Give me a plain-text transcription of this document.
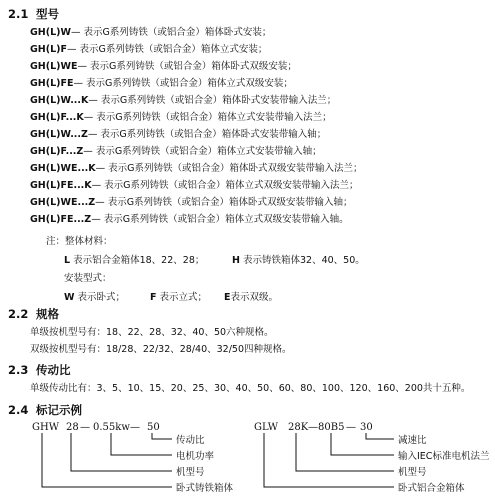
2.1 型号
GH(L)W— 表示G系列铸铁（或铝合金）箱体卧式安装；
GH(L)F— 表示G系列铸铁（或铝合金）箱体立式安装；
GH(L)WE— 表示G系列铸铁（或铝合金）箱体卧式双级安装；
GH(L)FE— 表示G系列铸铁（或铝合金）箱体立式双级安装；
GH(L)W...K— 表示G系列铸铁（或铝合金）箱体卧式安装带输入法兰；
GH(L)F...K— 表示G系列铸铁（或铝合金）箱体立式安装带输入法兰；
GH(L)W...Z— 表示G系列铸铁（或铝合金）箱体卧式安装带输入轴；
GH(L)F...Z— 表示G系列铸铁（或铝合金）箱体立式安装带输入轴；
GH(L)WE...K— 表示G系列铸铁（或铝合金）箱体卧式双级安装带输入法兰；
GH(L)FE...K— 表示G系列铸铁（或铝合金）箱体立式双级安装带输入法兰；
GH(L)WE...Z— 表示G系列铸铁（或铝合金）箱体卧式双级安装带输入轴；
GH(L)FE...Z— 表示G系列铸铁（或铝合金）箱体立式双级安装带输入轴。
注：整体材料：
L 表示铝合金箱体18、22、28；	H 表示铸铁箱体32、40、50。
安装型式：
W 表示卧式；	F 表示立式； E表示双级。
2.2 规格
单级按机型号有：18、22、28、32、40、50六种规格。
双级按机型号有：18/28、22/32、28/40、32/50四种规格。
2.3 传动比
单级传动比有：3、5、10、15、20、25、30、40、50、60、80、100、120、160、200共十五种。
2.4 标记示例
GHW 28 — 0.55kw — 50
传动比
电机功率
机型号
卧式铸铁箱体
GLW 28K — 80B5 — 30
减速比
输入IEC标准电机法兰
机型号
卧式铝合金箱体
